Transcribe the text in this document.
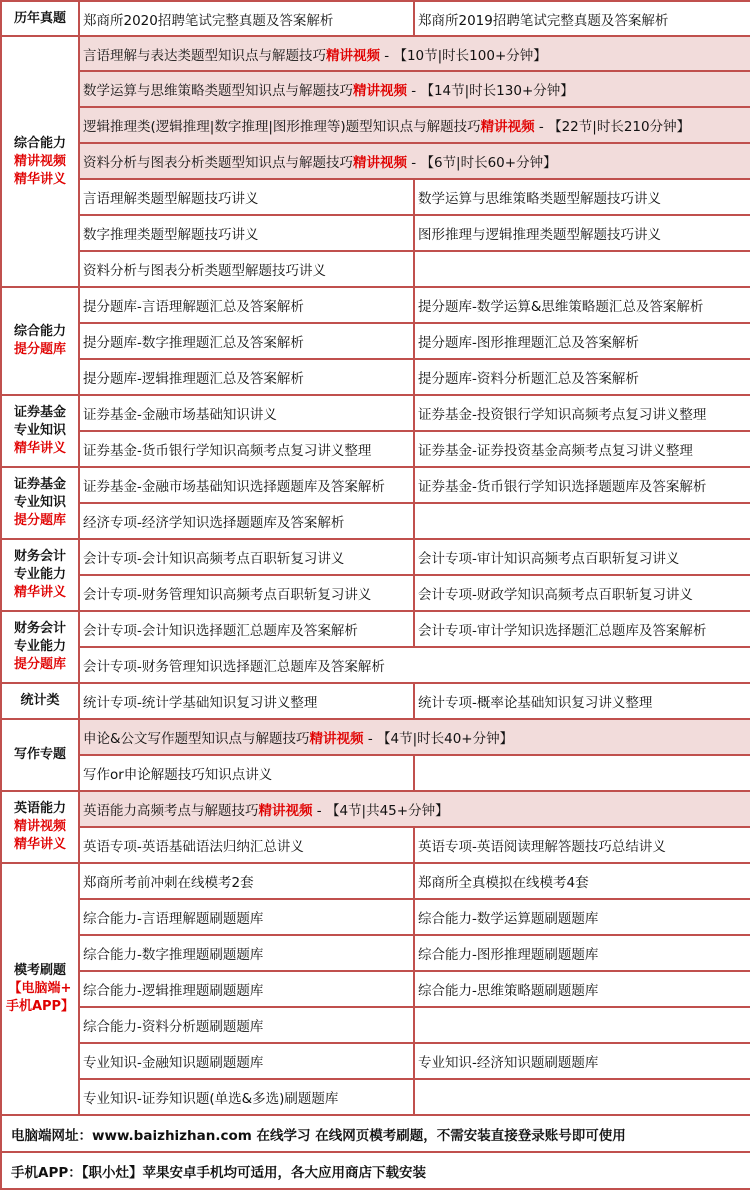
历年真题	郑商所2020招聘笔试完整真题及答案解析	郑商所2019招聘笔试完整真题及答案解析

综合能力
精讲视频
精华讲义	言语理解与表达类题型知识点与解题技巧精讲视频 - 【10节|时长100+分钟】	
	数学运算与思维策略类题型知识点与解题技巧精讲视频 - 【14节|时长130+分钟】	
	逻辑推理类(逻辑推理|数字推理|图形推理等)题型知识点与解题技巧精讲视频 - 【22节|时长210分钟】	
	资料分析与图表分析类题型知识点与解题技巧精讲视频 - 【6节|时长60+分钟】	
	言语理解类题型解题技巧讲义	数学运算与思维策略类题型解题技巧讲义
	数字推理类题型解题技巧讲义	图形推理与逻辑推理类题型解题技巧讲义
	资料分析与图表分析类题型解题技巧讲义	

综合能力
提分题库	提分题库-言语理解题汇总及答案解析	提分题库-数学运算&思维策略题汇总及答案解析
	提分题库-数字推理题汇总及答案解析	提分题库-图形推理题汇总及答案解析
	提分题库-逻辑推理题汇总及答案解析	提分题库-资料分析题汇总及答案解析

证券基金
专业知识
精华讲义	证券基金-金融市场基础知识讲义	证券基金-投资银行学知识高频考点复习讲义整理
	证券基金-货币银行学知识高频考点复习讲义整理	证券基金-证券投资基金高频考点复习讲义整理

证券基金
专业知识
提分题库	证券基金-金融市场基础知识选择题题库及答案解析	证券基金-货币银行学知识选择题题库及答案解析
	经济专项-经济学知识选择题题库及答案解析	

财务会计
专业能力
精华讲义	会计专项-会计知识高频考点百职斩复习讲义	会计专项-审计知识高频考点百职斩复习讲义
	会计专项-财务管理知识高频考点百职斩复习讲义	会计专项-财政学知识高频考点百职斩复习讲义

财务会计
专业能力
提分题库	会计专项-会计知识选择题汇总题库及答案解析	会计专项-审计学知识选择题汇总题库及答案解析
	会计专项-财务管理知识选择题汇总题库及答案解析	
统计类	统计专项-统计学基础知识复习讲义整理	统计专项-概率论基础知识复习讲义整理
写作专题	申论&公文写作题型知识点与解题技巧精讲视频 - 【4节|时长40+分钟】	
	写作or申论解题技巧知识点讲义	

英语能力
精讲视频
精华讲义	英语能力高频考点与解题技巧精讲视频 - 【4节|共45+分钟】	
	英语专项-英语基础语法归纳汇总讲义	英语专项-英语阅读理解答题技巧总结讲义

模考刷题
【电脑端+
手机APP】	郑商所考前冲刺在线模考2套	郑商所全真模拟在线模考4套
	综合能力-言语理解题刷题题库	综合能力-数学运算题刷题题库
	综合能力-数字推理题刷题题库	综合能力-图形推理题刷题题库
	综合能力-逻辑推理题刷题题库	综合能力-思维策略题刷题题库
	综合能力-资料分析题刷题题库	
	专业知识-金融知识题刷题题库	专业知识-经济知识题刷题题库
	专业知识-证券知识题(单选&多选)刷题题库	
电脑端网址：www.baizhizhan.com 在线学习 在线网页模考刷题，不需安装直接登录账号即可使用		
手机APP：【职小灶】苹果安卓手机均可适用，各大应用商店下载安装		
